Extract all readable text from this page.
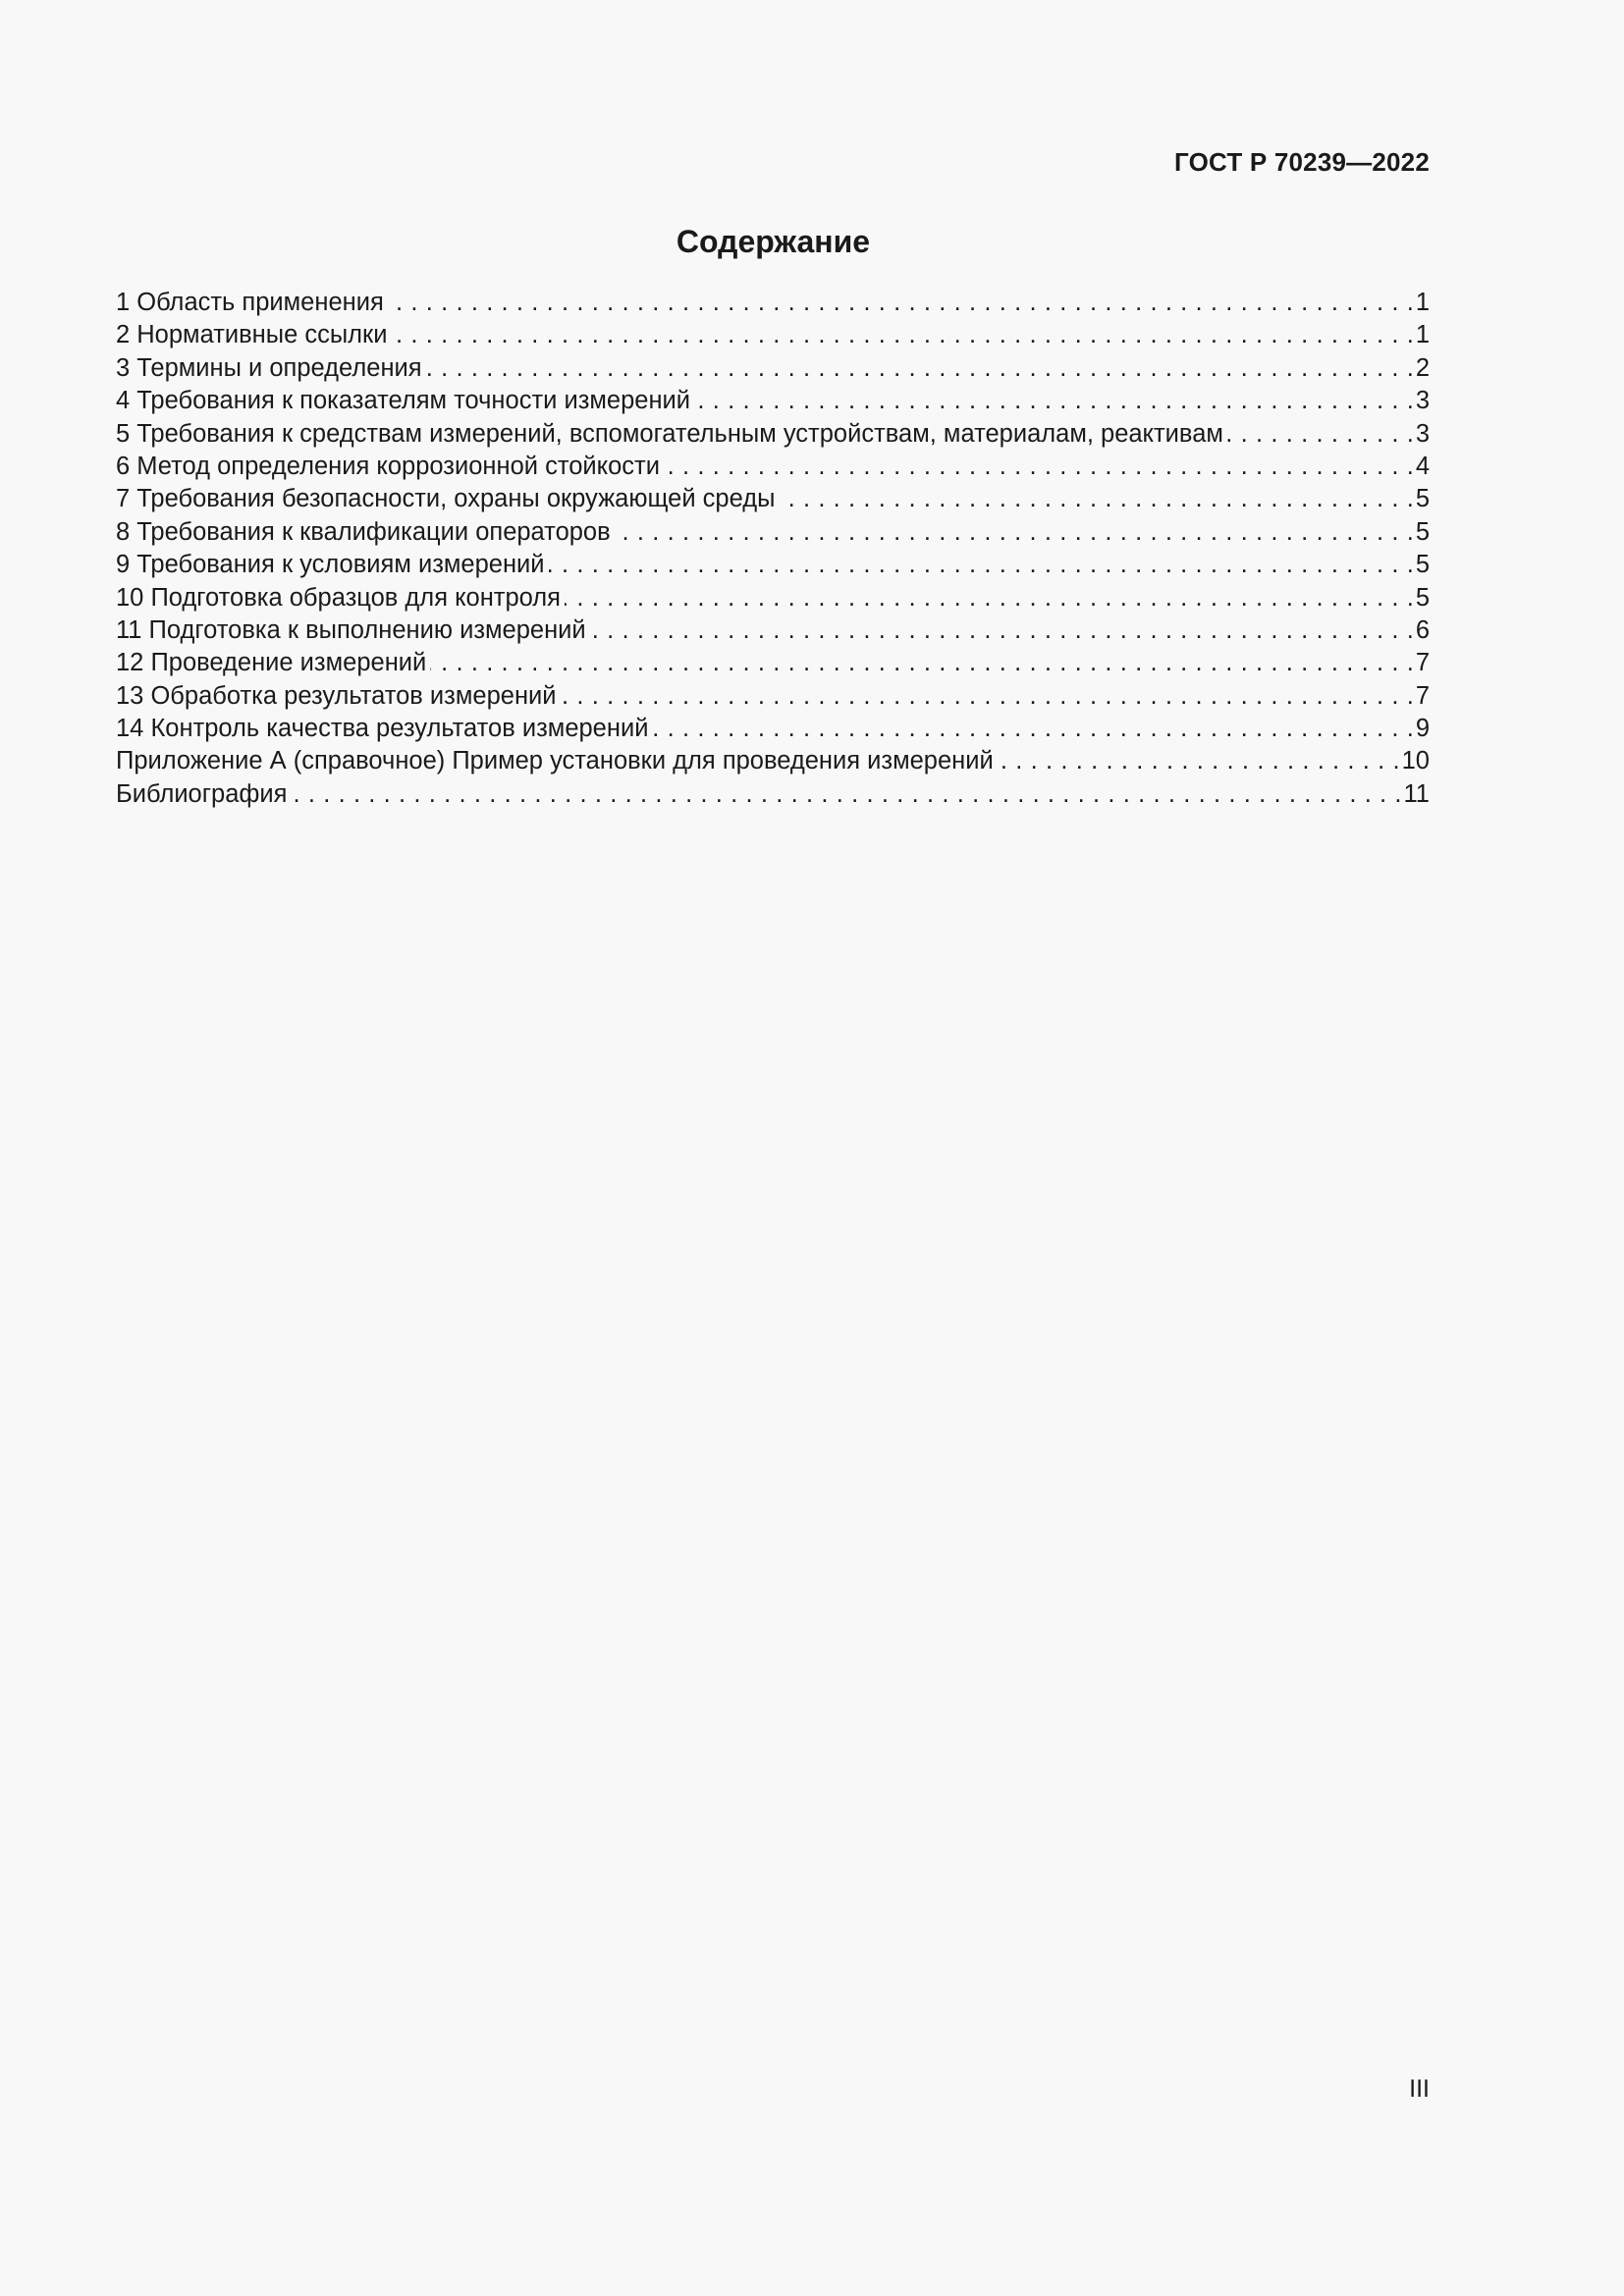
ГОСТ Р 70239—2022
Содержание
1 Область применения . . .	1
2 Нормативные ссылки . . .	1
3 Термины и определения . . .	2
4 Требования к показателям точности измерений . . .	3
5 Требования к средствам измерений, вспомогательным устройствам, материалам, реактивам . . .	3
6 Метод определения коррозионной стойкости . . .	4
7 Требования безопасности, охраны окружающей среды . . .	5
8 Требования к квалификации операторов . . .	5
9 Требования к условиям измерений . . .	5
10 Подготовка образцов для контроля . . .	5
11 Подготовка к выполнению измерений . . .	6
12 Проведение измерений . . .	7
13 Обработка результатов измерений . . .	7
14 Контроль качества результатов измерений . . .	9
Приложение А (справочное) Пример установки для проведения измерений . . .	10
Библиография . . .	11
III
